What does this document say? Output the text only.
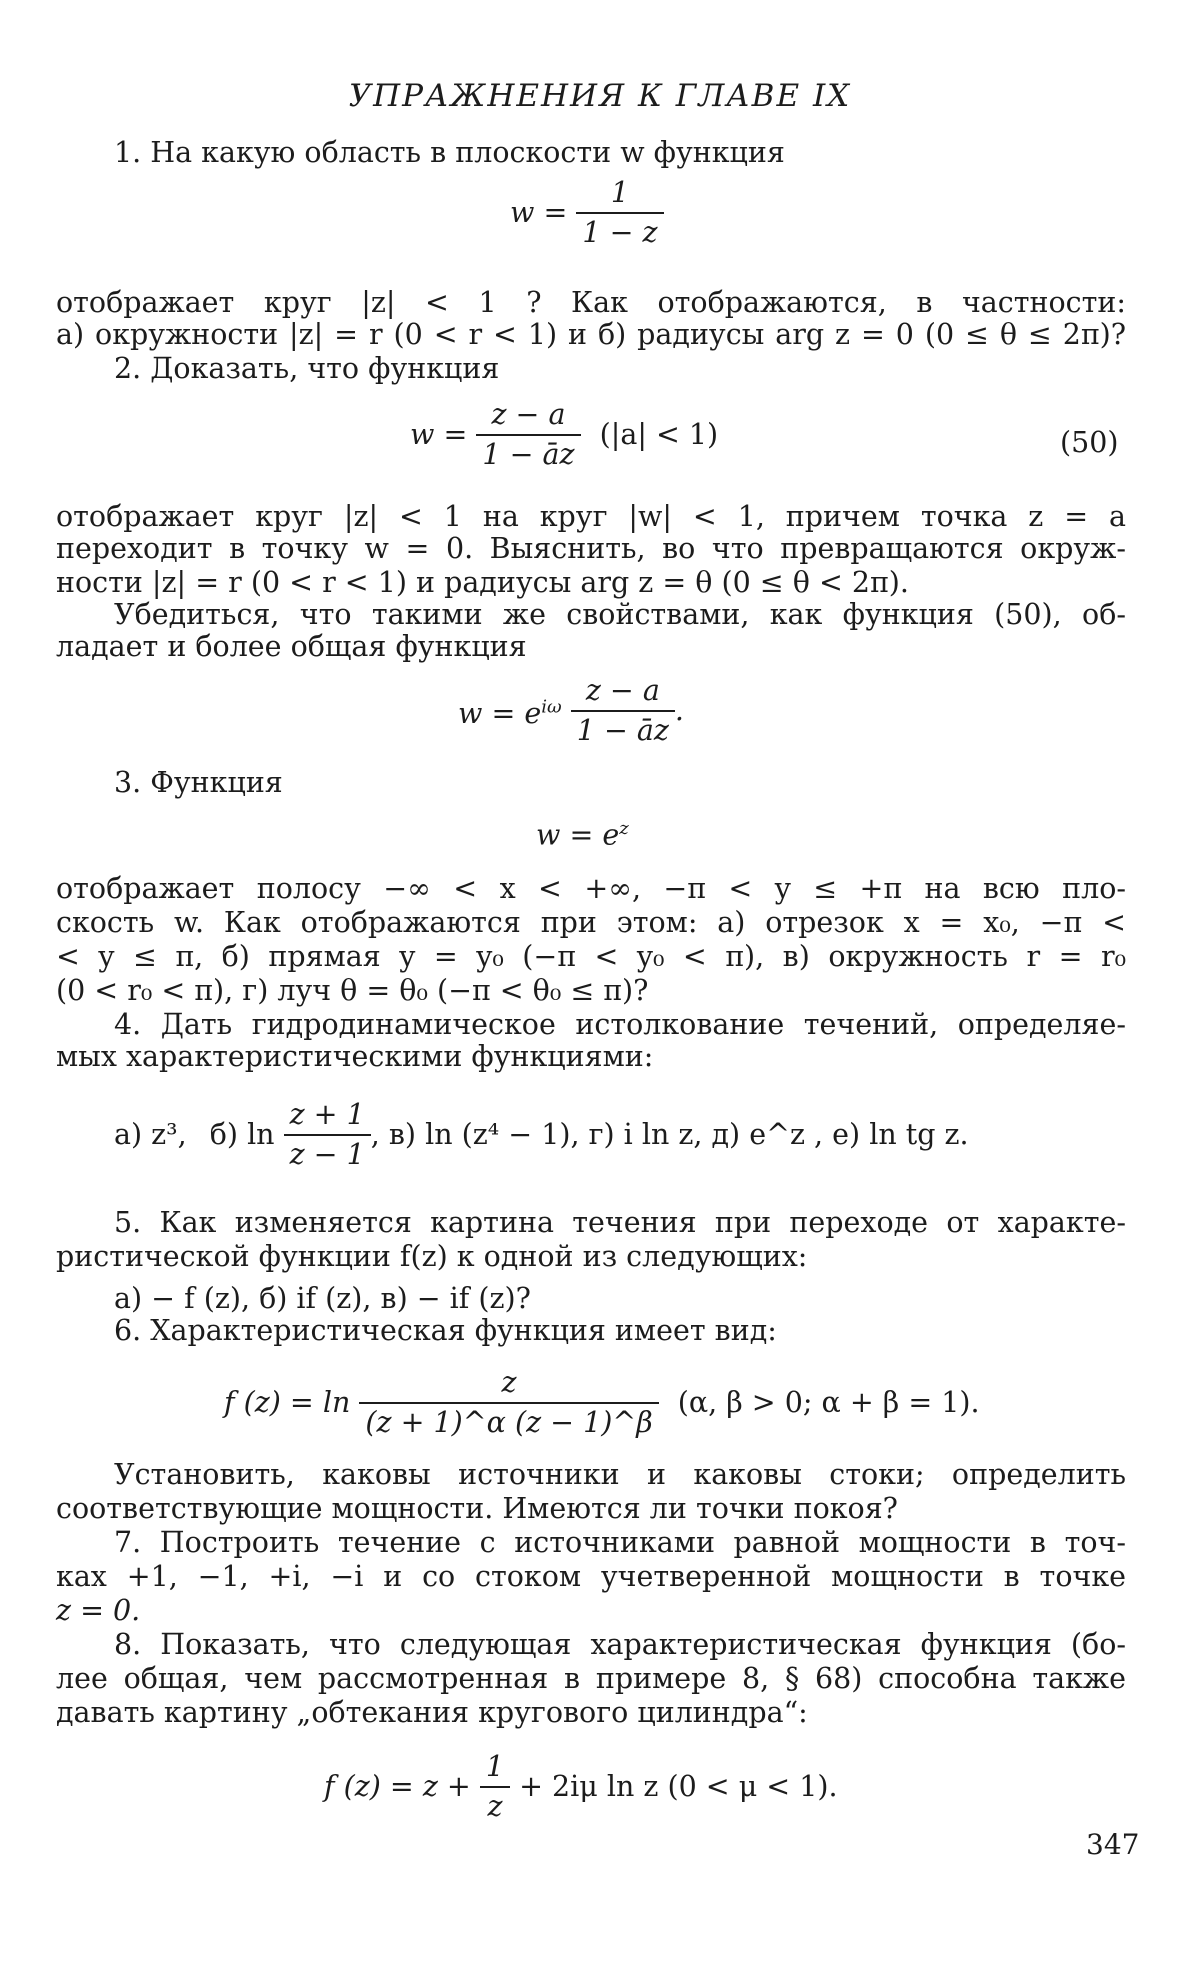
УПРАЖНЕНИЯ К ГЛАВЕ IX
1. На какую область в плоскости w функция
$w = \frac{1}{1 - z}$
отображает круг |z| < 1 ? Как отображаются, в частности:
а) окружности |z| = r (0 < r < 1) и б) радиусы arg z = 0 (0 ≤ θ ≤ 2π)?
2. Доказать, что функция
$w = \frac{z - a}{1 - āz} (|a| < 1)$	(50)
отображает круг |z| < 1 на круг |w| < 1, причем точка z = a
переходит в точку w = 0. Выяснить, во что превращаются окруж-
ности |z| = r (0 < r < 1) и радиусы arg z = θ (0 ≤ θ < 2π).
Убедиться, что такими же свойствами, как функция (50), об-
ладает и более общая функция
$w = e^{i\omega} \frac{z - a}{1 - āz}$ .
3. Функция
$w = e^z$
отображает полосу −∞ < x < +∞, −π < y ≤ +π на всю пло-
скость w. Как отображаются при этом: а) отрезок x = x₀, −π <
< y ≤ π, б) прямая y = y₀ (−π < y₀ < π), в) окружность r = r₀
(0 < r₀ < π), г) луч θ = θ₀ (−π < θ₀ ≤ π)?
4. Дать гидродинамическое истолкование течений, определяе-
мых характеристическими функциями:
а) z³, б) $\ln \frac{z + 1}{z - 1}$ , в) ln (z⁴ − 1), г) i ln z, д) e^z , е) ln tg z.
5. Как изменяется картина течения при переходе от характе-
ристической функции f(z) к одной из следующих:
а) − f (z), б) if (z), в) − if (z)?
6. Характеристическая функция имеет вид:
f $(z) = \ln \frac{z}{(z + 1)\^{}\alpha (z - 1)\^{}\beta} (\alpha$, β > 0; α + β = 1).
Установить, каковы источники и каковы стоки; определить
соответствующие мощности. Имеются ли точки покоя?
7. Построить течение с источниками равной мощности в точ-
ках +1, −1, +i, −i и со стоком учетверенной мощности в точке
z = 0.
8. Показать, что следующая характеристическая функция (бо-
лее общая, чем рассмотренная в примере 8, § 68) способна также
давать картину „обтекания кругового цилиндра“:
f $(z) = z + \frac{1}{z} + 2i\mu$ ln z (0 < μ < 1).
347
